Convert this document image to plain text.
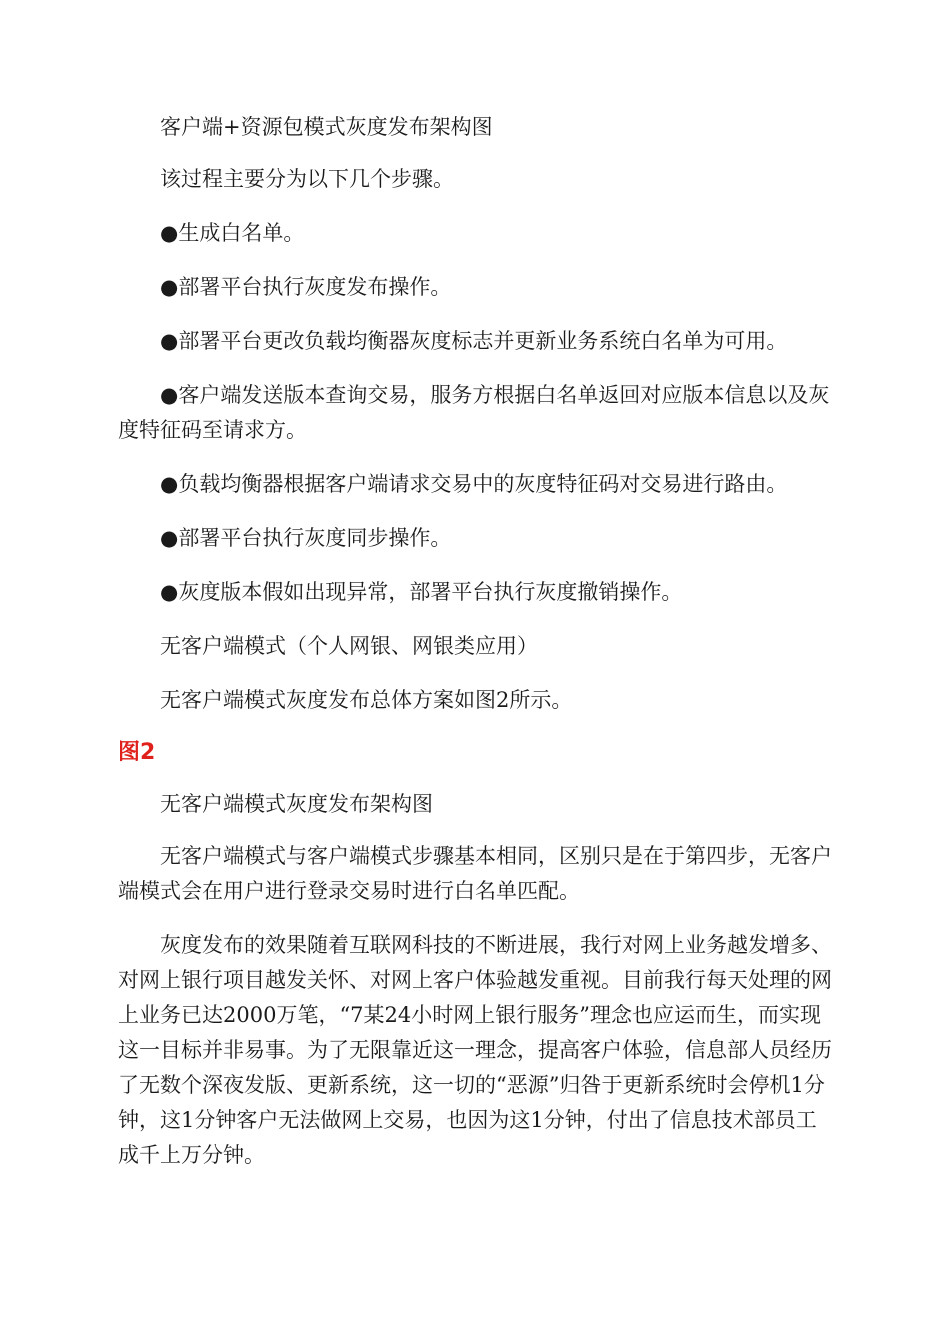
客户端+资源包模式灰度发布架构图

该过程主要分为以下几个步骤。

●生成白名单。

●部署平台执行灰度发布操作。

●部署平台更改负载均衡器灰度标志并更新业务系统白名单为可用。

●客户端发送版本查询交易，服务方根据白名单返回对应版本信息以及灰度特征码至请求方。

●负载均衡器根据客户端请求交易中的灰度特征码对交易进行路由。

●部署平台执行灰度同步操作。

●灰度版本假如出现异常，部署平台执行灰度撤销操作。

无客户端模式（个人网银、网银类应用）

无客户端模式灰度发布总体方案如图2所示。

图2

无客户端模式灰度发布架构图

无客户端模式与客户端模式步骤基本相同，区别只是在于第四步，无客户端模式会在用户进行登录交易时进行白名单匹配。

灰度发布的效果随着互联网科技的不断进展，我行对网上业务越发增多、对网上银行项目越发关怀、对网上客户体验越发重视。目前我行每天处理的网上业务已达2000万笔，“7某24小时网上银行服务”理念也应运而生，而实现这一目标并非易事。为了无限靠近这一理念，提高客户体验，信息部人员经历了无数个深夜发版、更新系统，这一切的“恶源”归咎于更新系统时会停机1分钟，这1分钟客户无法做网上交易，也因为这1分钟，付出了信息技术部员工成千上万分钟。
